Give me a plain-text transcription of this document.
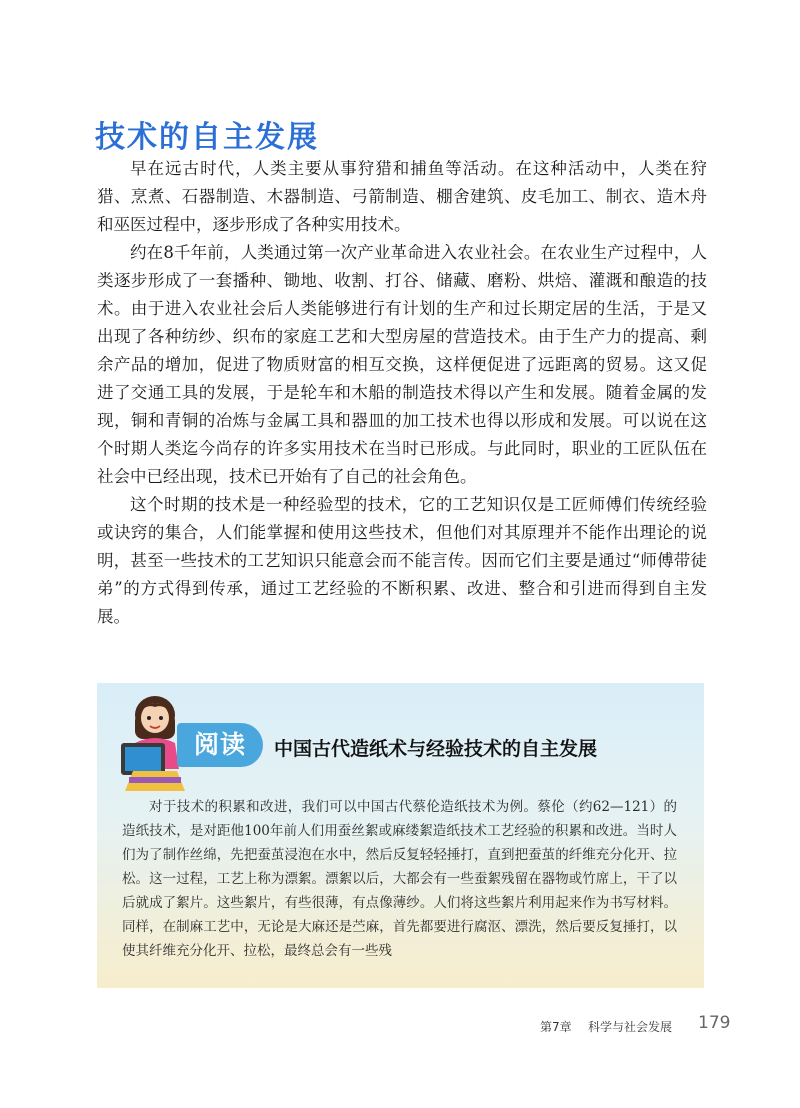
技术的自主发展

早在远古时代，人类主要从事狩猎和捕鱼等活动。在这种活动中，人类在狩猎、烹煮、石器制造、木器制造、弓箭制造、棚舍建筑、皮毛加工、制衣、造木舟和巫医过程中，逐步形成了各种实用技术。

约在8千年前，人类通过第一次产业革命进入农业社会。在农业生产过程中，人类逐步形成了一套播种、锄地、收割、打谷、储藏、磨粉、烘焙、灌溉和酿造的技术。由于进入农业社会后人类能够进行有计划的生产和过长期定居的生活，于是又出现了各种纺纱、织布的家庭工艺和大型房屋的营造技术。由于生产力的提高、剩余产品的增加，促进了物质财富的相互交换，这样便促进了远距离的贸易。这又促进了交通工具的发展，于是轮车和木船的制造技术得以产生和发展。随着金属的发现，铜和青铜的冶炼与金属工具和器皿的加工技术也得以形成和发展。可以说在这个时期人类迄今尚存的许多实用技术在当时已形成。与此同时，职业的工匠队伍在社会中已经出现，技术已开始有了自己的社会角色。

这个时期的技术是一种经验型的技术，它的工艺知识仅是工匠师傅们传统经验或诀窍的集合，人们能掌握和使用这些技术，但他们对其原理并不能作出理论的说明，甚至一些技术的工艺知识只能意会而不能言传。因而它们主要是通过“师傅带徒弟”的方式得到传承，通过工艺经验的不断积累、改进、整合和引进而得到自主发展。

阅读	中国古代造纸术与经验技术的自主发展

对于技术的积累和改进，我们可以中国古代蔡伦造纸技术为例。蔡伦（约62—121）的造纸技术，是对距他100年前人们用蚕丝絮或麻缕絮造纸技术工艺经验的积累和改进。当时人们为了制作丝绵，先把蚕茧浸泡在水中，然后反复轻轻捶打，直到把蚕茧的纤维充分化开、拉松。这一过程，工艺上称为漂絮。漂絮以后，大都会有一些蚕絮残留在器物或竹席上，干了以后就成了絮片。这些絮片，有些很薄，有点像薄纱。人们将这些絮片利用起来作为书写材料。同样，在制麻工艺中，无论是大麻还是苎麻，首先都要进行腐沤、漂洗，然后要反复捶打，以使其纤维充分化开、拉松，最终总会有一些残

第7章 科学与社会发展 179
